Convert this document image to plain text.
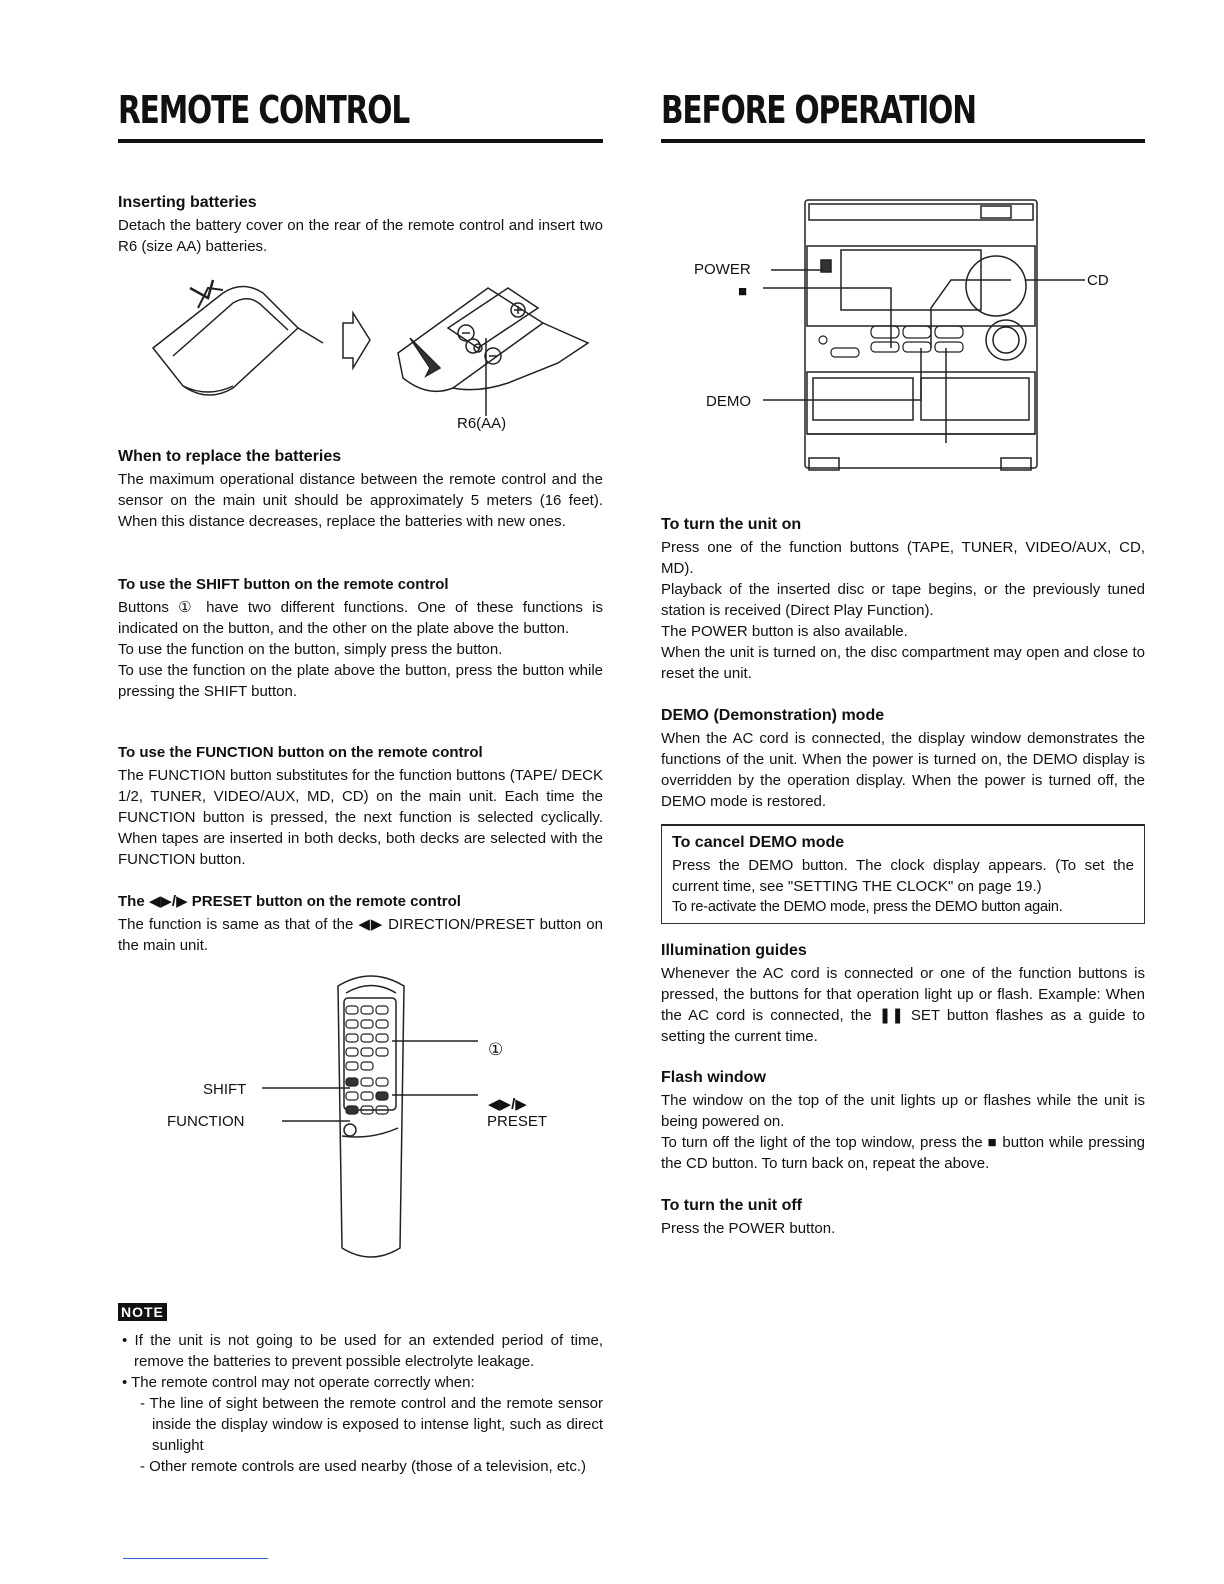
REMOTE CONTROL
Inserting batteries

Detach the battery cover on the rear of the remote control and insert two R6 (size AA) batteries.

R6(AA)
When to replace the batteries

The maximum operational distance between the remote control and the sensor on the main unit should be approximately 5 meters (16 feet). When this distance decreases, replace the batteries with new ones.

To use the SHIFT button on the remote control

Buttons ① have two different functions. One of these functions is indicated on the button, and the other on the plate above the button.

To use the function on the button, simply press the button.

To use the function on the plate above the button, press the button while pressing the SHIFT button.

To use the FUNCTION button on the remote control

The FUNCTION button substitutes for the function buttons (TAPE/ DECK 1/2, TUNER, VIDEO/AUX, MD, CD) on the main unit. Each time the FUNCTION button is pressed, the next function is selected cyclically. When tapes are inserted in both decks, both decks are selected with the FUNCTION button.

The ◀▶/▶ PRESET button on the remote control

The function is same as that of the ◀▶ DIRECTION/PRESET button on the main unit.

SHIFT
FUNCTION
①
◀▶/▶
PRESET
NOTE
• If the unit is not going to be used for an extended period of time, remove the batteries to prevent possible electrolyte leakage.
• The remote control may not operate correctly when:
- The line of sight between the remote control and the remote sensor inside the display window is exposed to intense light, such as direct sunlight
- Other remote controls are used nearby (those of a television, etc.)
BEFORE OPERATION
POWER
■
DEMO
CD
To turn the unit on

Press one of the function buttons (TAPE, TUNER, VIDEO/AUX, CD, MD).

Playback of the inserted disc or tape begins, or the previously tuned station is received (Direct Play Function).

The POWER button is also available.

When the unit is turned on, the disc compartment may open and close to reset the unit.

DEMO (Demonstration) mode

When the AC cord is connected, the display window demonstrates the functions of the unit. When the power is turned on, the DEMO display is overridden by the operation display. When the power is turned off, the DEMO mode is restored.

To cancel DEMO mode

Press the DEMO button. The clock display appears. (To set the current time, see "SETTING THE CLOCK" on page 19.)

To re-activate the DEMO mode, press the DEMO button again.

Illumination guides

Whenever the AC cord is connected or one of the function buttons is pressed, the buttons for that operation light up or flash. Example: When the AC cord is connected, the ❚❚ SET button flashes as a guide to setting the current time.

Flash window

The window on the top of the unit lights up or flashes while the unit is being powered on.

To turn off the light of the top window, press the ■ button while pressing the CD button. To turn back on, repeat the above.

To turn the unit off

Press the POWER button.
